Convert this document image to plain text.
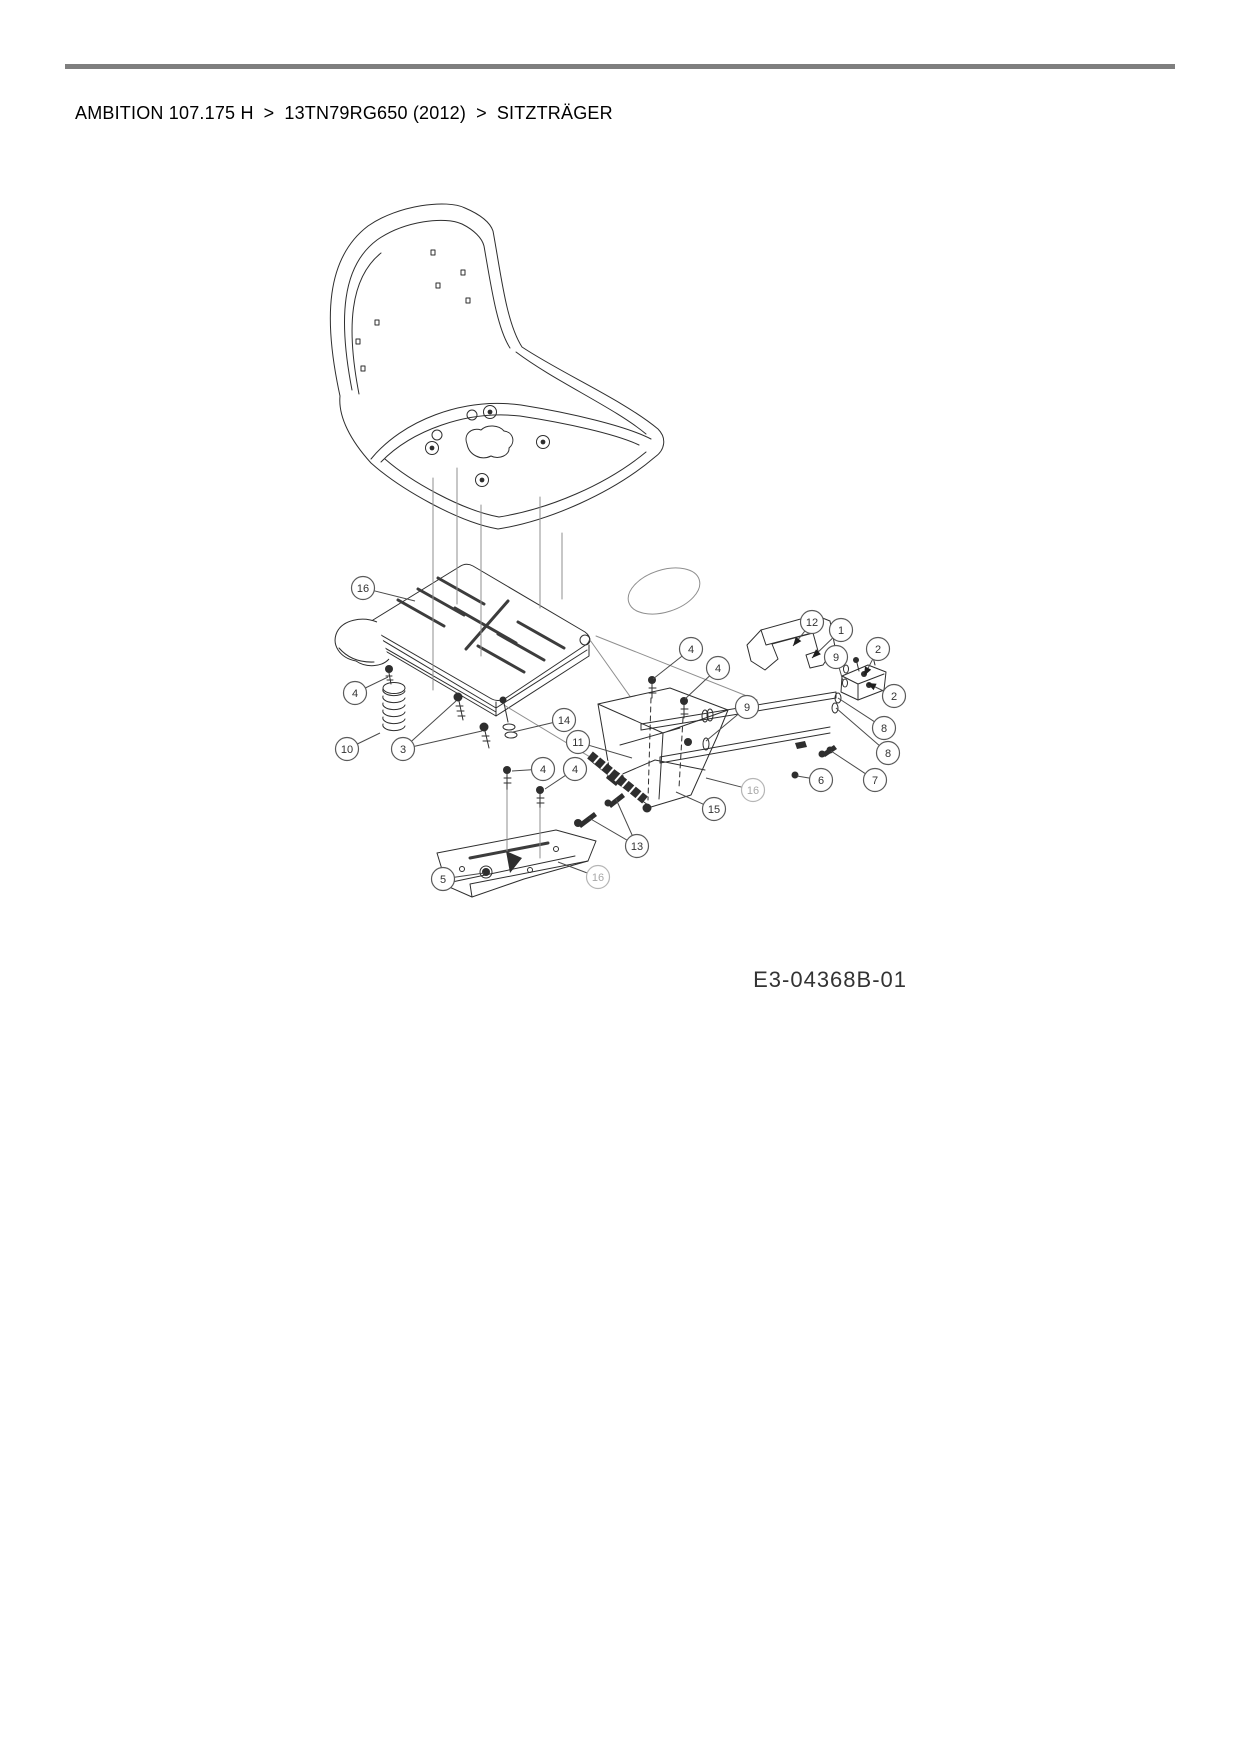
AMBITION 107.175 H > 13TN79RG650 (2012) > SITZTRÄGER
16
4
10	3
14
11
4 4
5	16
13
15
16
4
4
9
12
1
9
2
2
8
8
6	7
E3-04368B-01
